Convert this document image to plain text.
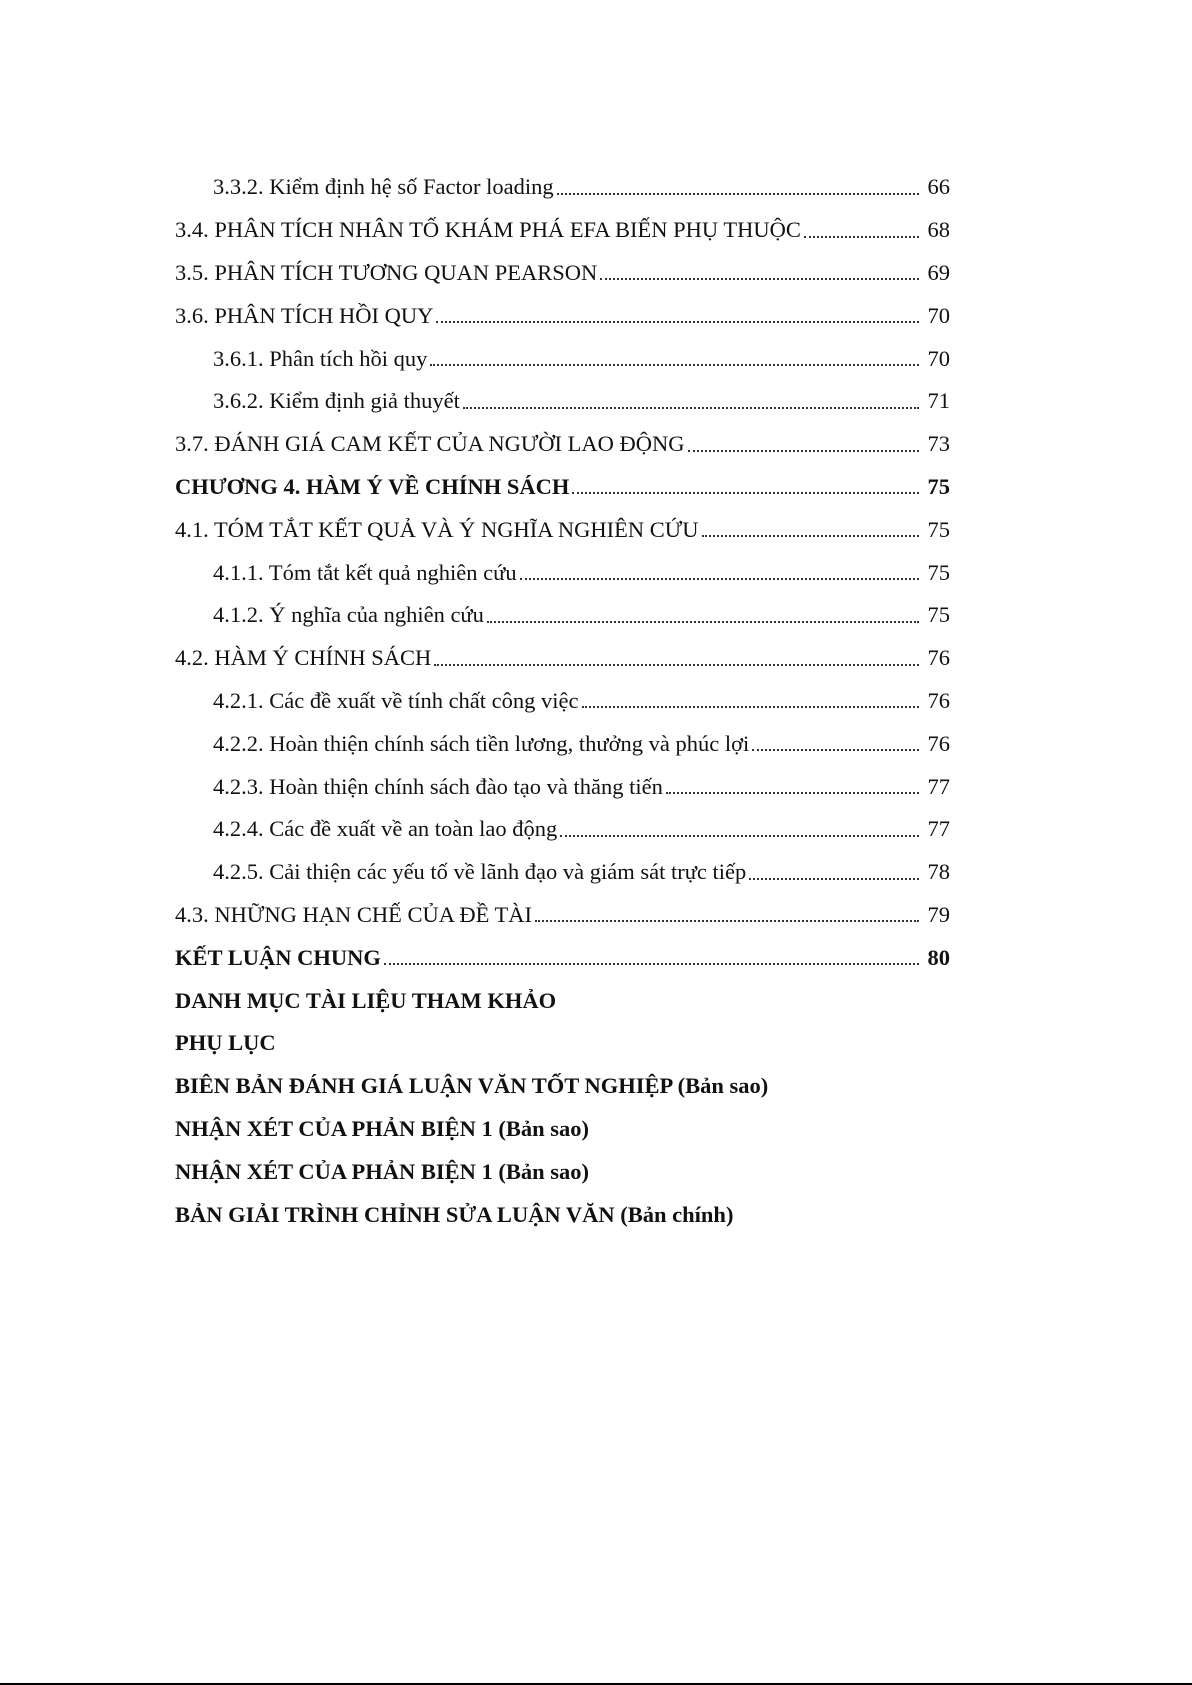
3.3.2. Kiểm định hệ số Factor loading	66
3.4. PHÂN TÍCH NHÂN TỐ KHÁM PHÁ EFA BIẾN PHỤ THUỘC	68
3.5. PHÂN TÍCH TƯƠNG QUAN PEARSON	69
3.6. PHÂN TÍCH HỒI QUY	70
3.6.1. Phân tích hồi quy	70
3.6.2. Kiểm định giả thuyết	71
3.7. ĐÁNH GIÁ CAM KẾT CỦA NGƯỜI LAO ĐỘNG	73
CHƯƠNG 4. HÀM Ý VỀ CHÍNH SÁCH	75
4.1. TÓM TẮT KẾT QUẢ VÀ Ý NGHĨA NGHIÊN CỨU	75
4.1.1. Tóm tắt kết quả nghiên cứu	75
4.1.2. Ý nghĩa của nghiên cứu	75
4.2. HÀM Ý CHÍNH SÁCH	76
4.2.1. Các đề xuất về tính chất công việc	76
4.2.2. Hoàn thiện chính sách tiền lương, thưởng và phúc lợi	76
4.2.3. Hoàn thiện chính sách đào tạo và thăng tiến	77
4.2.4. Các đề xuất về an toàn lao động	77
4.2.5. Cải thiện các yếu tố về lãnh đạo và giám sát trực tiếp	78
4.3. NHỮNG HẠN CHẾ CỦA ĐỀ TÀI	79
KẾT LUẬN CHUNG	80
DANH MỤC TÀI LIỆU THAM KHẢO
PHỤ LỤC
BIÊN BẢN ĐÁNH GIÁ LUẬN VĂN TỐT NGHIỆP (Bản sao)
NHẬN XÉT CỦA PHẢN BIỆN 1 (Bản sao)
NHẬN XÉT CỦA PHẢN BIỆN 1 (Bản sao)
BẢN GIẢI TRÌNH CHỈNH SỬA LUẬN VĂN (Bản chính)
